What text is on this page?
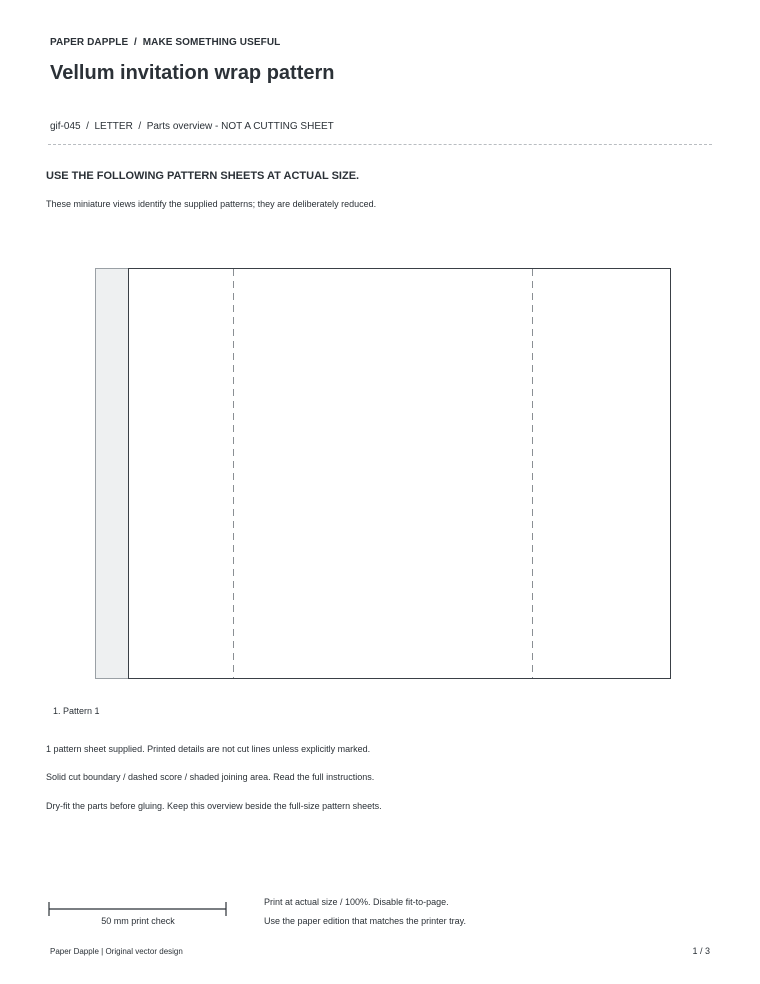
PAPER DAPPLE / MAKE SOMETHING USEFUL
Vellum invitation wrap pattern
gif-045  /  LETTER  /  Parts overview - NOT A CUTTING SHEET
USE THE FOLLOWING PATTERN SHEETS AT ACTUAL SIZE.
These miniature views identify the supplied patterns; they are deliberately reduced.
1. Pattern 1
1 pattern sheet supplied. Printed details are not cut lines unless explicitly marked.
Solid cut boundary / dashed score / shaded joining area. Read the full instructions.
Dry-fit the parts before gluing. Keep this overview beside the full-size pattern sheets.
50 mm print check
Print at actual size / 100%. Disable fit-to-page.
Use the paper edition that matches the printer tray.
Paper Dapple | Original vector design	1 / 3
